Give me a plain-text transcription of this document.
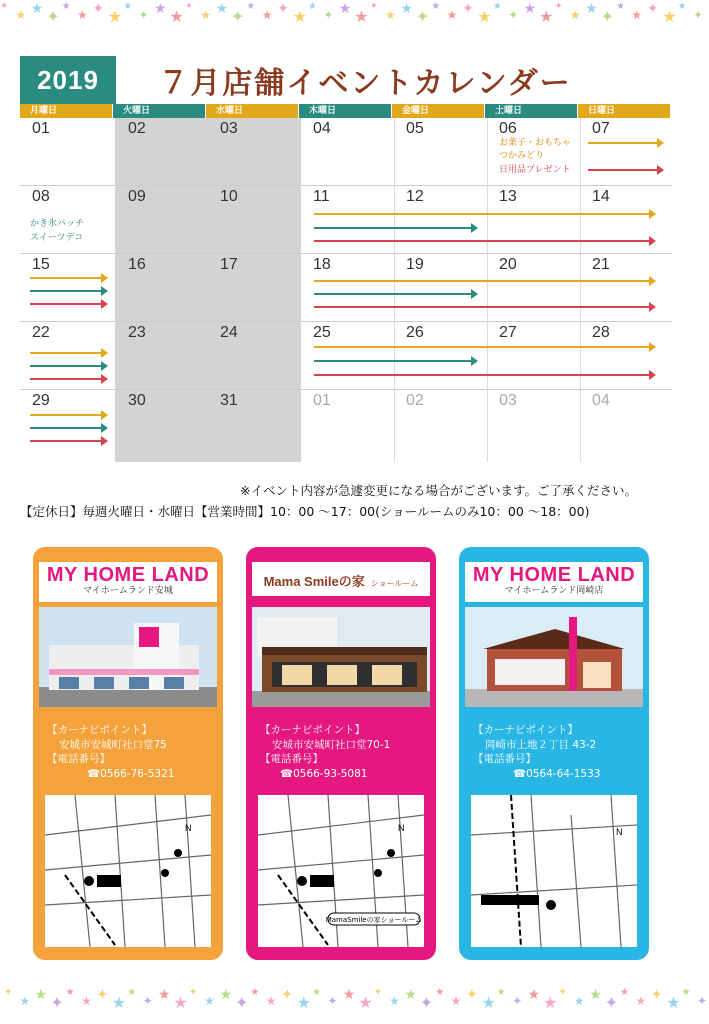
✦
★ ★ ✦
★
★ ✦ ★
★
✦ ★ ★
✦
★ ★ ✦
★
★ ✦ ★
★
✦ ★ ★
✦
★ ★ ✦
★
★ ✦ ★
★
✦ ★ ★
✦
★ ★ ✦
★
★ ✦ ★
★
✦
2019	７月店舗イベントカレンダー
月曜日	火曜日	水曜日	木曜日	金曜日	土曜日	日曜日
01	02	03	04	05	06	07
お菓子・おもちゃ
つかみどり
日用品プレゼント
08	09	10	11	12	13	14
かき氷パッチ
スイーツデコ
15	16	17	18	19	20	21
22	23	24	25	26	27	28
29	30	31	01	02	03	04
※イベント内容が急遽変更になる場合がございます。ご了承ください。
【定休日】毎週火曜日・水曜日【営業時間】10：00 ～17：00(ショールームのみ10：00 ～18：00)
MY HOME LAND
マイホームランド安城
【カーナビポイント】
安城市安城町社口堂75
【電話番号】
☎0566-76-5321
N
Mama Smileの家 ショールーム
【カーナビポイント】
安城市安城町社口堂70-1
【電話番号】
☎0566-93-5081
N
MamaSmileの家ショールーム
MY HOME LAND
マイホームランド岡崎店
【カーナビポイント】
岡崎市上地２丁目 43-2
【電話番号】
☎0564-64-1533
N
✦
★ ★ ✦
★
★ ✦ ★
★
✦ ★ ★
✦
★ ★ ✦
★
★ ✦ ★
★
✦ ★ ★
✦
★ ★ ✦
★
★ ✦ ★
★
✦ ★ ★
✦
★ ★ ✦
★
★ ✦ ★
★
✦
